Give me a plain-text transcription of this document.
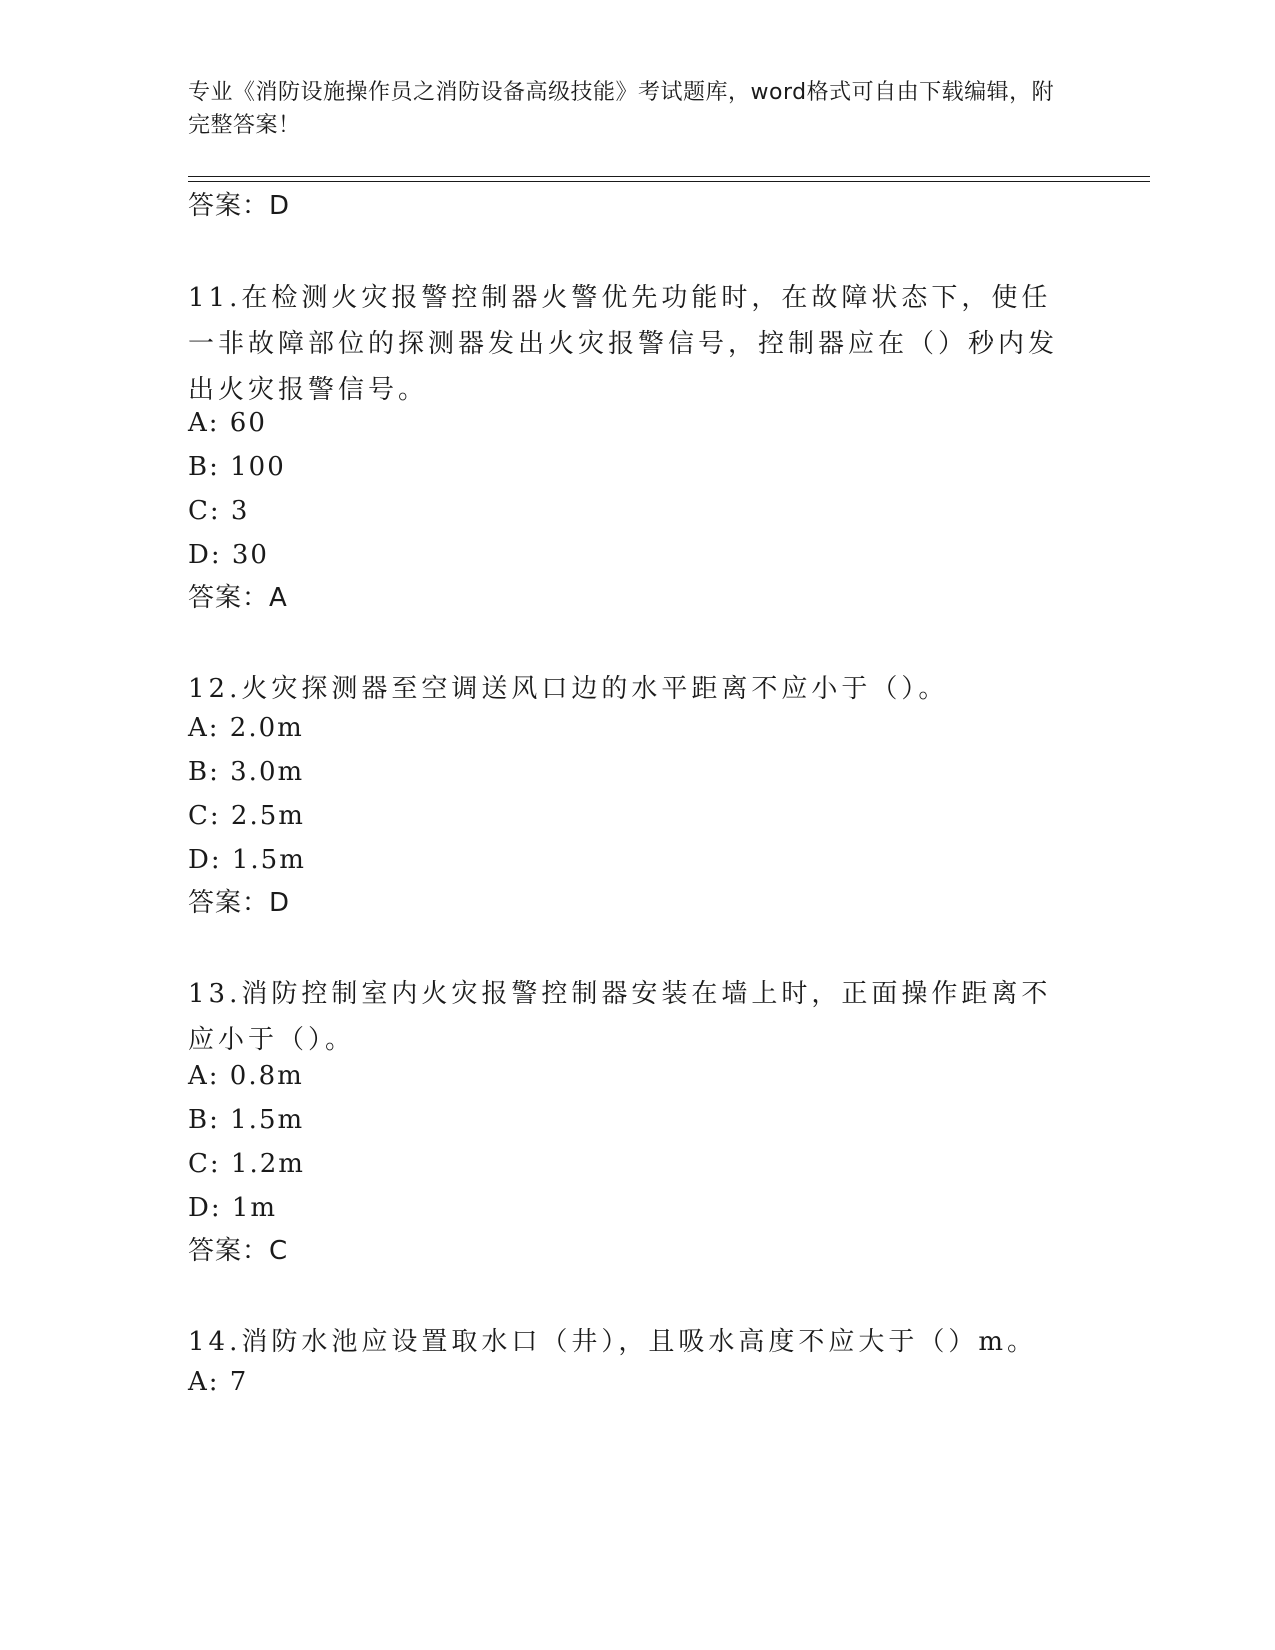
专业《消防设施操作员之消防设备高级技能》考试题库，word格式可自由下载编辑，附完整答案！
答案：D
11.在检测火灾报警控制器火警优先功能时，在故障状态下，使任一非故障部位的探测器发出火灾报警信号，控制器应在（）秒内发出火灾报警信号。
A: 60
B: 100
C: 3
D: 30
答案：A
12.火灾探测器至空调送风口边的水平距离不应小于（）。
A: 2.0m
B: 3.0m
C: 2.5m
D: 1.5m
答案：D
13.消防控制室内火灾报警控制器安装在墙上时，正面操作距离不应小于（）。
A: 0.8m
B: 1.5m
C: 1.2m
D: 1m
答案：C
14.消防水池应设置取水口（井），且吸水高度不应大于（）m。
A: 7
